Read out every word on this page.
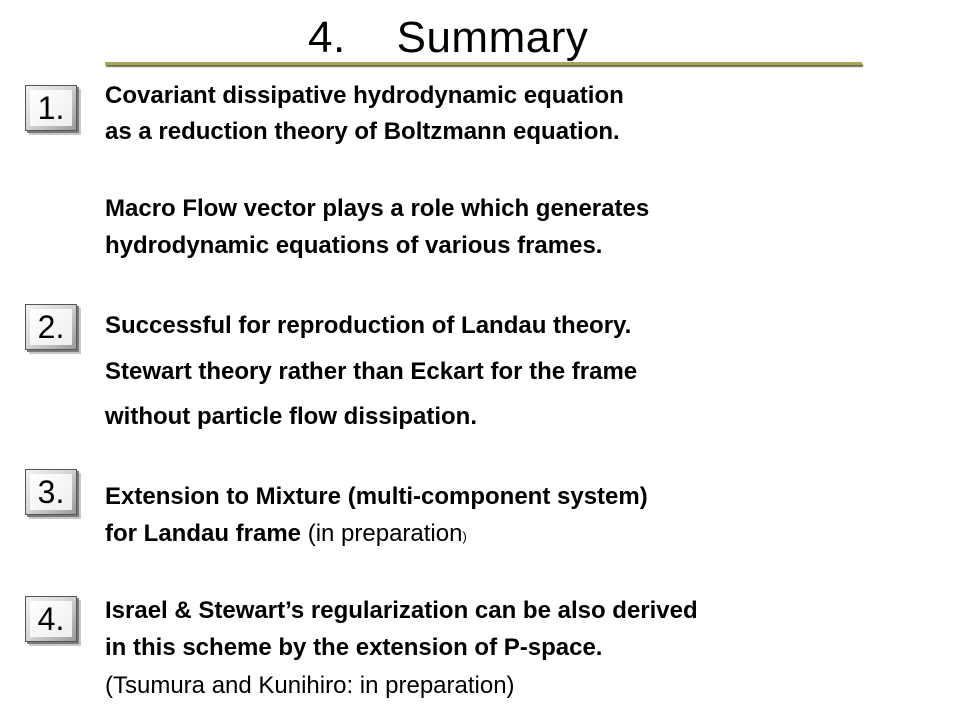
4.    Summary
1.	Covariant dissipative hydrodynamic equation
as a reduction theory of Boltzmann equation.
Macro Flow vector plays a role which generates
hydrodynamic equations of various frames.
2.	Successful for reproduction of Landau theory.
Stewart theory rather than Eckart for the frame
without particle flow dissipation.
3.	Extension to Mixture (multi-component system)
for Landau frame (in preparation)
4.	Israel & Stewart’s regularization can be also derived
in this scheme by the extension of P-space.
(Tsumura and Kunihiro: in preparation)
